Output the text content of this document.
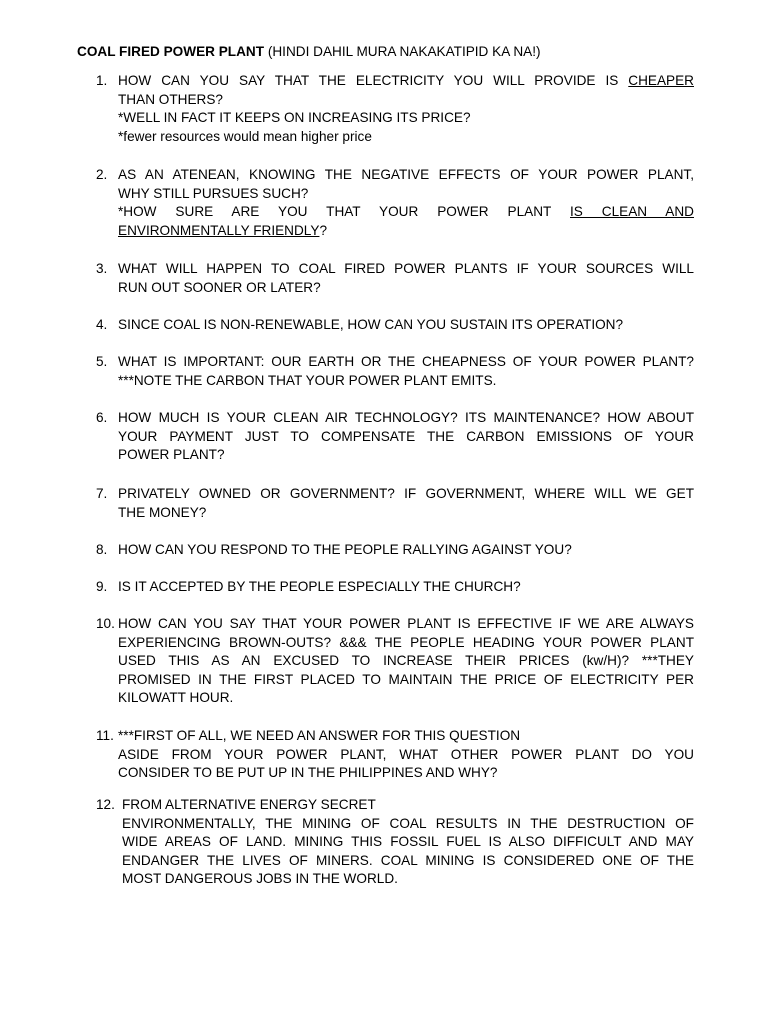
COAL FIRED POWER PLANT (HINDI DAHIL MURA NAKAKATIPID KA NA!)
1. HOW CAN YOU SAY THAT THE ELECTRICITY YOU WILL PROVIDE IS CHEAPER
THAN OTHERS?
*WELL IN FACT IT KEEPS ON INCREASING ITS PRICE?
*fewer resources would mean higher price
2. AS AN ATENEAN, KNOWING THE NEGATIVE EFFECTS OF YOUR POWER PLANT,
WHY STILL PURSUES SUCH?
*HOW SURE ARE YOU THAT YOUR POWER PLANT IS CLEAN AND
ENVIRONMENTALLY FRIENDLY?
3. WHAT WILL HAPPEN TO COAL FIRED POWER PLANTS IF YOUR SOURCES WILL
RUN OUT SOONER OR LATER?
4. SINCE COAL IS NON-RENEWABLE, HOW CAN YOU SUSTAIN ITS OPERATION?
5. WHAT IS IMPORTANT: OUR EARTH OR THE CHEAPNESS OF YOUR POWER PLANT?
***NOTE THE CARBON THAT YOUR POWER PLANT EMITS.
6. HOW MUCH IS YOUR CLEAN AIR TECHNOLOGY? ITS MAINTENANCE? HOW ABOUT
YOUR PAYMENT JUST TO COMPENSATE THE CARBON EMISSIONS OF YOUR
POWER PLANT?
7. PRIVATELY OWNED OR GOVERNMENT? IF GOVERNMENT, WHERE WILL WE GET
THE MONEY?
8. HOW CAN YOU RESPOND TO THE PEOPLE RALLYING AGAINST YOU?
9. IS IT ACCEPTED BY THE PEOPLE ESPECIALLY THE CHURCH?
10. HOW CAN YOU SAY THAT YOUR POWER PLANT IS EFFECTIVE IF WE ARE ALWAYS
EXPERIENCING BROWN-OUTS? &&& THE PEOPLE HEADING YOUR POWER PLANT
USED THIS AS AN EXCUSED TO INCREASE THEIR PRICES (kw/H)? ***THEY
PROMISED IN THE FIRST PLACED TO MAINTAIN THE PRICE OF ELECTRICITY PER
KILOWATT HOUR.
11. ***FIRST OF ALL, WE NEED AN ANSWER FOR THIS QUESTION
ASIDE FROM YOUR POWER PLANT, WHAT OTHER POWER PLANT DO YOU
CONSIDER TO BE PUT UP IN THE PHILIPPINES AND WHY?
12. FROM ALTERNATIVE ENERGY SECRET
ENVIRONMENTALLY, THE MINING OF COAL RESULTS IN THE DESTRUCTION OF
WIDE AREAS OF LAND. MINING THIS FOSSIL FUEL IS ALSO DIFFICULT AND MAY
ENDANGER THE LIVES OF MINERS. COAL MINING IS CONSIDERED ONE OF THE
MOST DANGEROUS JOBS IN THE WORLD.
